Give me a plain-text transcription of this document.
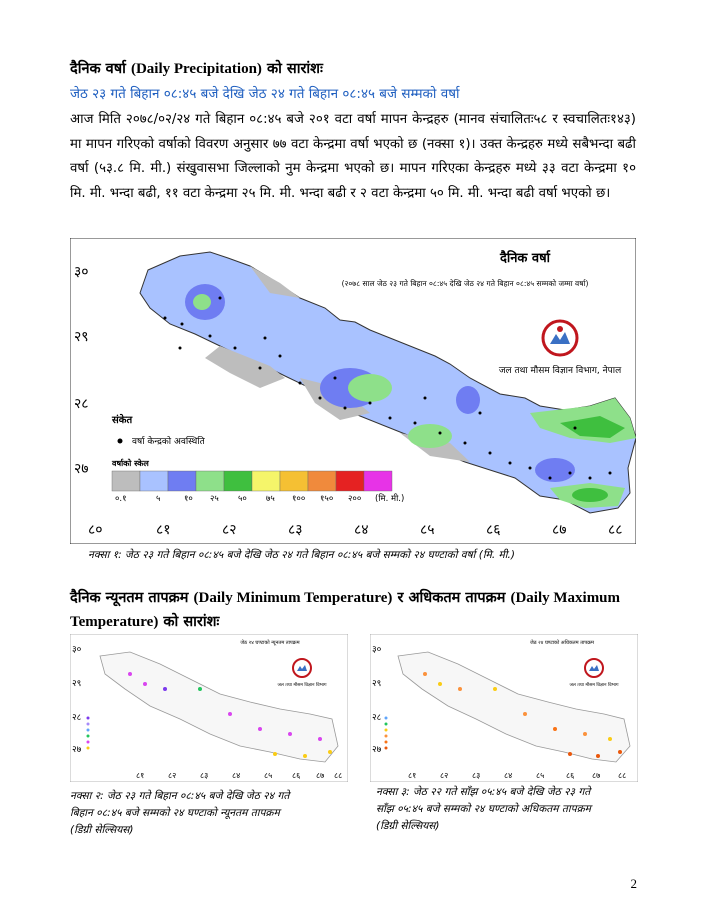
दैनिक वर्षा (Daily Precipitation) को सारांशः
जेठ २३ गते बिहान ०८:४५ बजे देखि जेठ २४ गते बिहान ०८:४५ बजे सम्मको वर्षा
आज मिति २०७८/०२/२४ गते बिहान ०८:४५ बजे २०१ वटा वर्षा मापन केन्द्रहरु (मानव संचालितः५८ र स्वचालितः१४३) मा मापन गरिएको वर्षाको विवरण अनुसार ७७ वटा केन्द्रमा वर्षा भएको छ (नक्सा १)। उक्त केन्द्रहरु मध्ये सबैभन्दा बढी वर्षा (५३.८ मि. मी.) संखुवासभा जिल्लाको नुम केन्द्रमा भएको छ। मापन गरिएका केन्द्रहरु मध्ये ३३ वटा केन्द्रमा १० मि. मी. भन्दा बढी, ११ वटा केन्द्रमा २५ मि. मी. भन्दा बढी र २ वटा केन्द्रमा ५० मि. मी. भन्दा बढी वर्षा भएको छ।
३०
२९
२८
२७
दैनिक वर्षा
(२०७८ साल जेठ २३ गते बिहान ०८:४५ देखि जेठ २४ गते बिहान ०८:४५ सम्मको जम्मा वर्षा)
जल तथा मौसम विज्ञान विभाग, नेपाल
संकेत
वर्षा केन्द्रको अवस्थिति
वर्षाको स्केल
०.१	५	१० २५ ५० ७५ १०० १५० २०० (मि. मी.)
८०	८१	८२	८३	८४	८५	८६	८७	८८
नक्सा १: जेठ २३ गते बिहान ०८:४५ बजे देखि जेठ २४ गते बिहान ०८:४५ बजे सम्मको २४ घण्टाको वर्षा (मि. मी.)
दैनिक न्यूनतम तापक्रम (Daily Minimum Temperature) र अधिकतम तापक्रम (Daily Maximum Temperature) को सारांशः
जेठ २४ घण्टाको न्यूनतम तापक्रम
जल तथा मौसम विज्ञान विभाग
३०
२९
२८
२७
८१	८२	८३	८४	८५ ८६ ८७ ८८
जेठ २४ घण्टाको अधिकतम तापक्रम
जल तथा मौसम विज्ञान विभाग
३०
२९
२८
२७
८१	८२	८३	८४	८५	८६ ८७ ८८
नक्सा २: जेठ २३ गते बिहान ०८:४५ बजे देखि जेठ २४ गते
बिहान ०८:४५ बजे सम्मको २४ घण्टाको न्यूनतम तापक्रम
(डिग्री सेल्सियस)
नक्सा ३: जेठ २२ गते साँझ ०५:४५ बजे देखि जेठ २३ गते
साँझ ०५:४५ बजे सम्मको २४ घण्टाको अधिकतम तापक्रम
(डिग्री सेल्सियस)
2
